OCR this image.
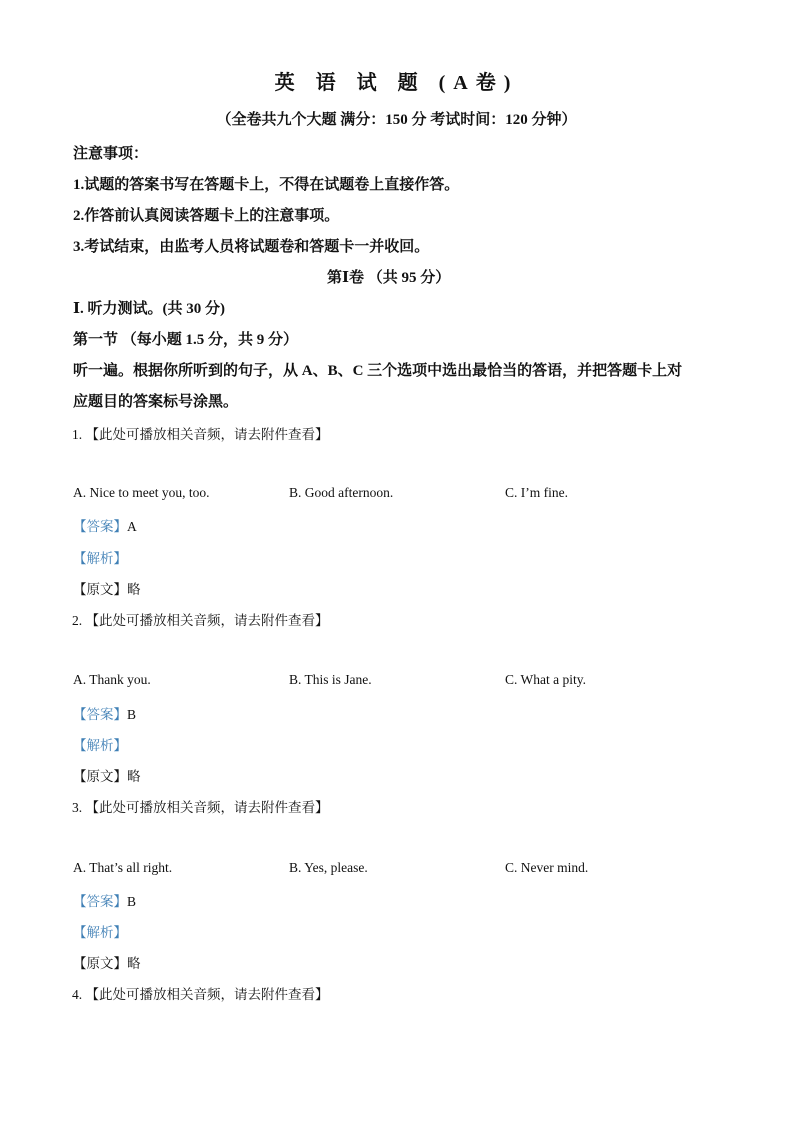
英 语 试 题 (A卷)
（全卷共九个大题 满分：150 分 考试时间：120 分钟）
注意事项：
1.试题的答案书写在答题卡上，不得在试题卷上直接作答。
2.作答前认真阅读答题卡上的注意事项。
3.考试结束，由监考人员将试题卷和答题卡一并收回。
第Ⅰ卷 （共 95 分）
Ⅰ. 听力测试。(共 30 分)
第一节 （每小题 1.5 分，共 9 分）
听一遍。根据你所听到的句子，从 A、B、C 三个选项中选出最恰当的答语，并把答题卡上对
应题目的答案标号涂黑。
1. 【此处可播放相关音频，请去附件查看】
A. Nice to meet you, too.	B. Good afternoon.	C. I’m fine.
【答案】A
【解析】
【原文】略
2. 【此处可播放相关音频，请去附件查看】
A. Thank you.	B. This is Jane.	C. What a pity.
【答案】B
【解析】
【原文】略
3. 【此处可播放相关音频，请去附件查看】
A. That’s all right.	B. Yes, please.	C. Never mind.
【答案】B
【解析】
【原文】略
4. 【此处可播放相关音频，请去附件查看】
